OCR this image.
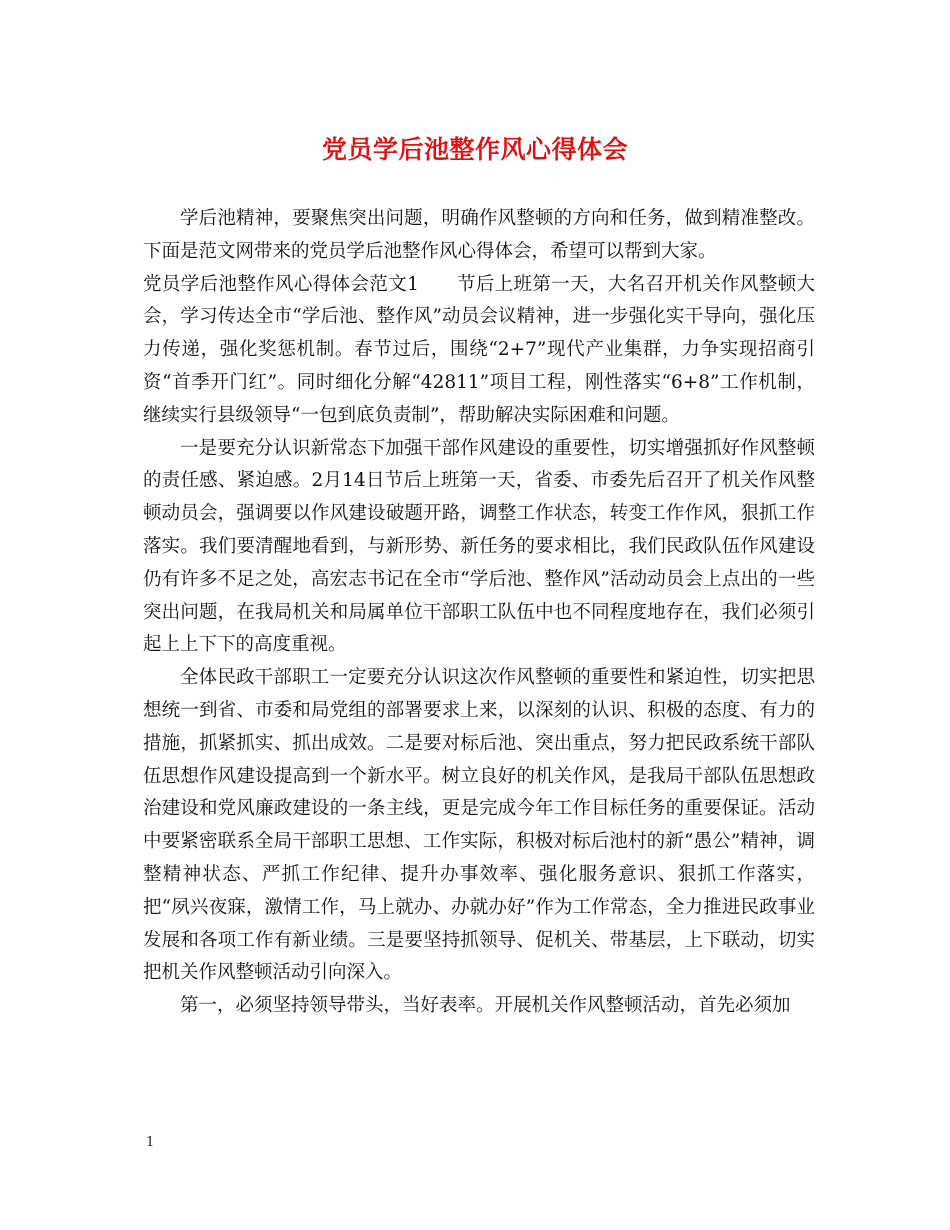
党员学后池整作风心得体会

学后池精神，要聚焦突出问题，明确作风整顿的方向和任务，做到精准整改。下面是范文网带来的党员学后池整作风心得体会，希望可以帮到大家。

党员学后池整作风心得体会范文1　　节后上班第一天，大名召开机关作风整顿大会，学习传达全市“学后池、整作风”动员会议精神，进一步强化实干导向，强化压力传递，强化奖惩机制。春节过后，围绕“2+7”现代产业集群，力争实现招商引资“首季开门红”。同时细化分解“42811”项目工程，刚性落实“6+8”工作机制，继续实行县级领导“一包到底负责制”，帮助解决实际困难和问题。

一是要充分认识新常态下加强干部作风建设的重要性，切实增强抓好作风整顿的责任感、紧迫感。2月14日节后上班第一天，省委、市委先后召开了机关作风整顿动员会，强调要以作风建设破题开路，调整工作状态，转变工作作风，狠抓工作落实。我们要清醒地看到，与新形势、新任务的要求相比，我们民政队伍作风建设仍有许多不足之处，高宏志书记在全市“学后池、整作风”活动动员会上点出的一些突出问题，在我局机关和局属单位干部职工队伍中也不同程度地存在，我们必须引起上上下下的高度重视。

全体民政干部职工一定要充分认识这次作风整顿的重要性和紧迫性，切实把思想统一到省、市委和局党组的部署要求上来，以深刻的认识、积极的态度、有力的措施，抓紧抓实、抓出成效。二是要对标后池、突出重点，努力把民政系统干部队伍思想作风建设提高到一个新水平。树立良好的机关作风，是我局干部队伍思想政治建设和党风廉政建设的一条主线，更是完成今年工作目标任务的重要保证。活动中要紧密联系全局干部职工思想、工作实际，积极对标后池村的新“愚公”精神，调整精神状态、严抓工作纪律、提升办事效率、强化服务意识、狠抓工作落实，把“夙兴夜寐，激情工作，马上就办、办就办好”作为工作常态，全力推进民政事业发展和各项工作有新业绩。三是要坚持抓领导、促机关、带基层，上下联动，切实把机关作风整顿活动引向深入。

第一，必须坚持领导带头，当好表率。开展机关作风整顿活动，首先必须加

1
